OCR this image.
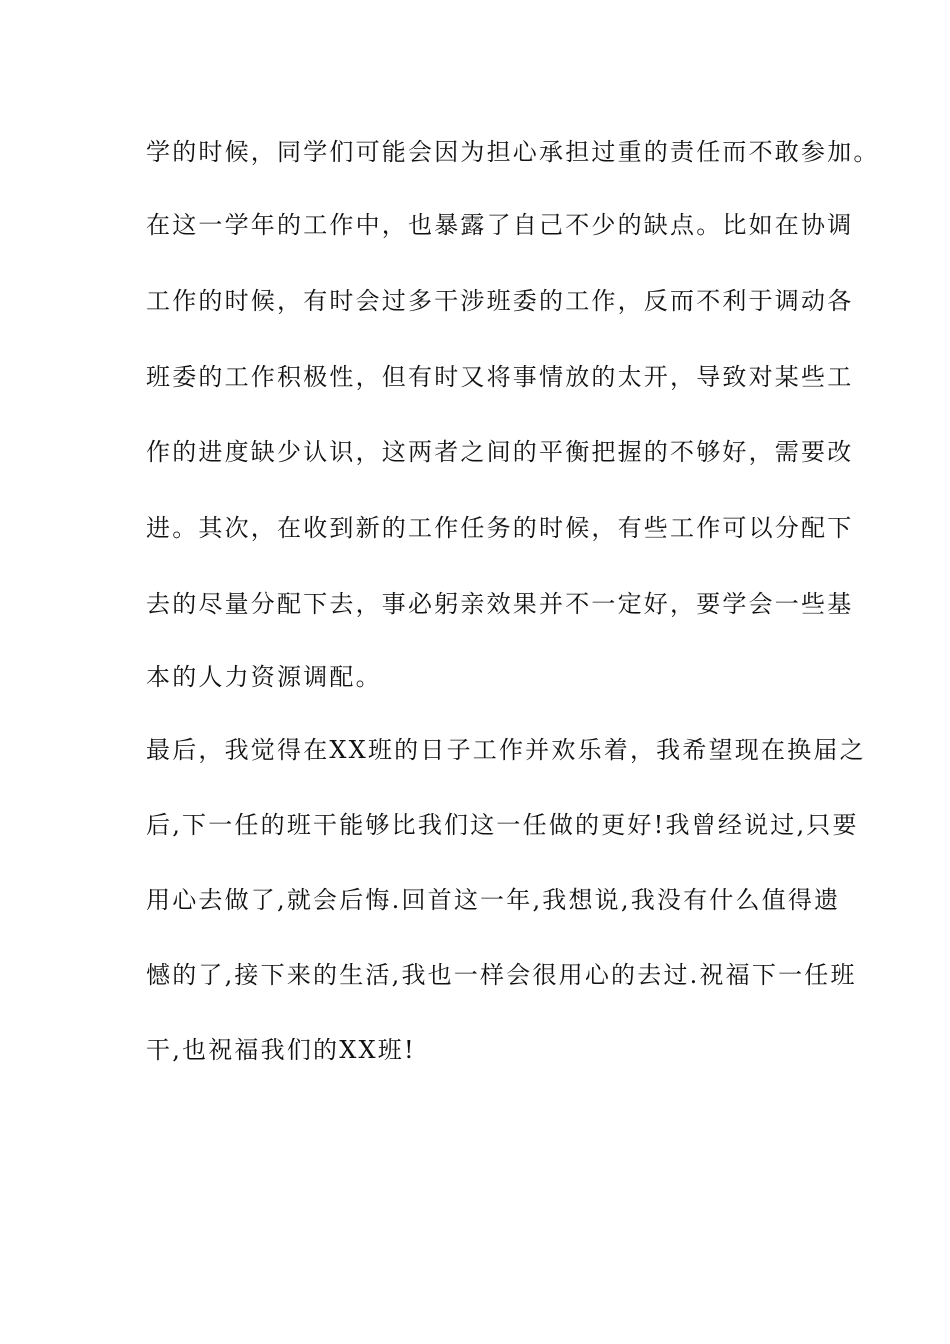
学的时候，同学们可能会因为担心承担过重的责任而不敢参加。
在这一学年的工作中，也暴露了自己不少的缺点。比如在协调
工作的时候，有时会过多干涉班委的工作，反而不利于调动各
班委的工作积极性，但有时又将事情放的太开，导致对某些工
作的进度缺少认识，这两者之间的平衡把握的不够好，需要改
进。其次，在收到新的工作任务的时候，有些工作可以分配下
去的尽量分配下去，事必躬亲效果并不一定好，要学会一些基
本的人力资源调配。
最后，我觉得在XX班的日子工作并欢乐着，我希望现在换届之
后,下一任的班干能够比我们这一任做的更好!我曾经说过,只要
用心去做了,就会后悔.回首这一年,我想说,我没有什么值得遗
憾的了,接下来的生活,我也一样会很用心的去过.祝福下一任班
干,也祝福我们的XX班!
